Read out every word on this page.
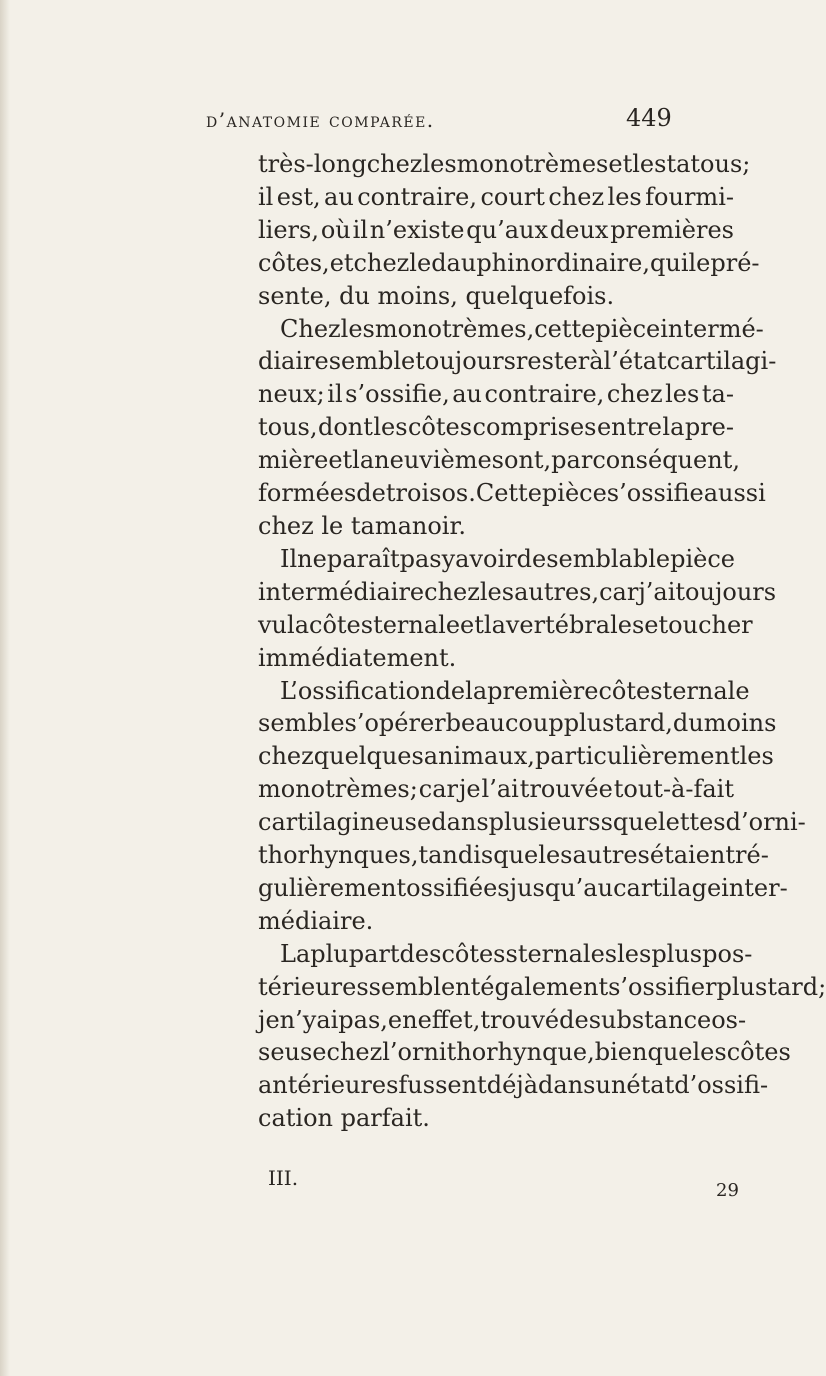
d’anatomie comparée.	449
très-long chez les monotrèmes et les tatous;
il est, au contraire, court chez les fourmi-
liers, où il n’existe qu’aux deux premières
côtes, et chez le dauphin ordinaire, qui le pré-
sente, du moins, quelquefois.
Chez les monotrèmes, cette pièce intermé-
diaire semble toujours rester à l’état cartilagi-
neux; il s’ossifie, au contraire, chez les ta-
tous, dont les côtes comprises entre la pre-
mière et la neuvième sont, par conséquent,
formées de trois os. Cette pièce s’ossifie aussi
chez le tamanoir.
Il ne paraît pas y avoir de semblable pièce
intermédiaire chez les autres, car j’ai toujours
vu la côte sternale et la vertébrale se toucher
immédiatement.
L’ossification de la première côte sternale
semble s’opérer beaucoup plus tard, du moins
chez quelques animaux, particulièrement les
monotrèmes; car je l’ai trouvée tout-à-fait
cartilagineuse dans plusieurs squelettes d’orni-
thorhynques, tandis que les autres étaient ré-
gulièrement ossifiées jusqu’au cartilage inter-
médiaire.
La plupart des côtes sternales les plus pos-
térieures semblent également s’ossifier plus tard;
je n’y ai pas, en effet, trouvé de substance os-
seuse chez l’ornithorhynque, bien que les côtes
antérieures fussent déjà dans un état d’ossifi-
cation parfait.
III.
29
